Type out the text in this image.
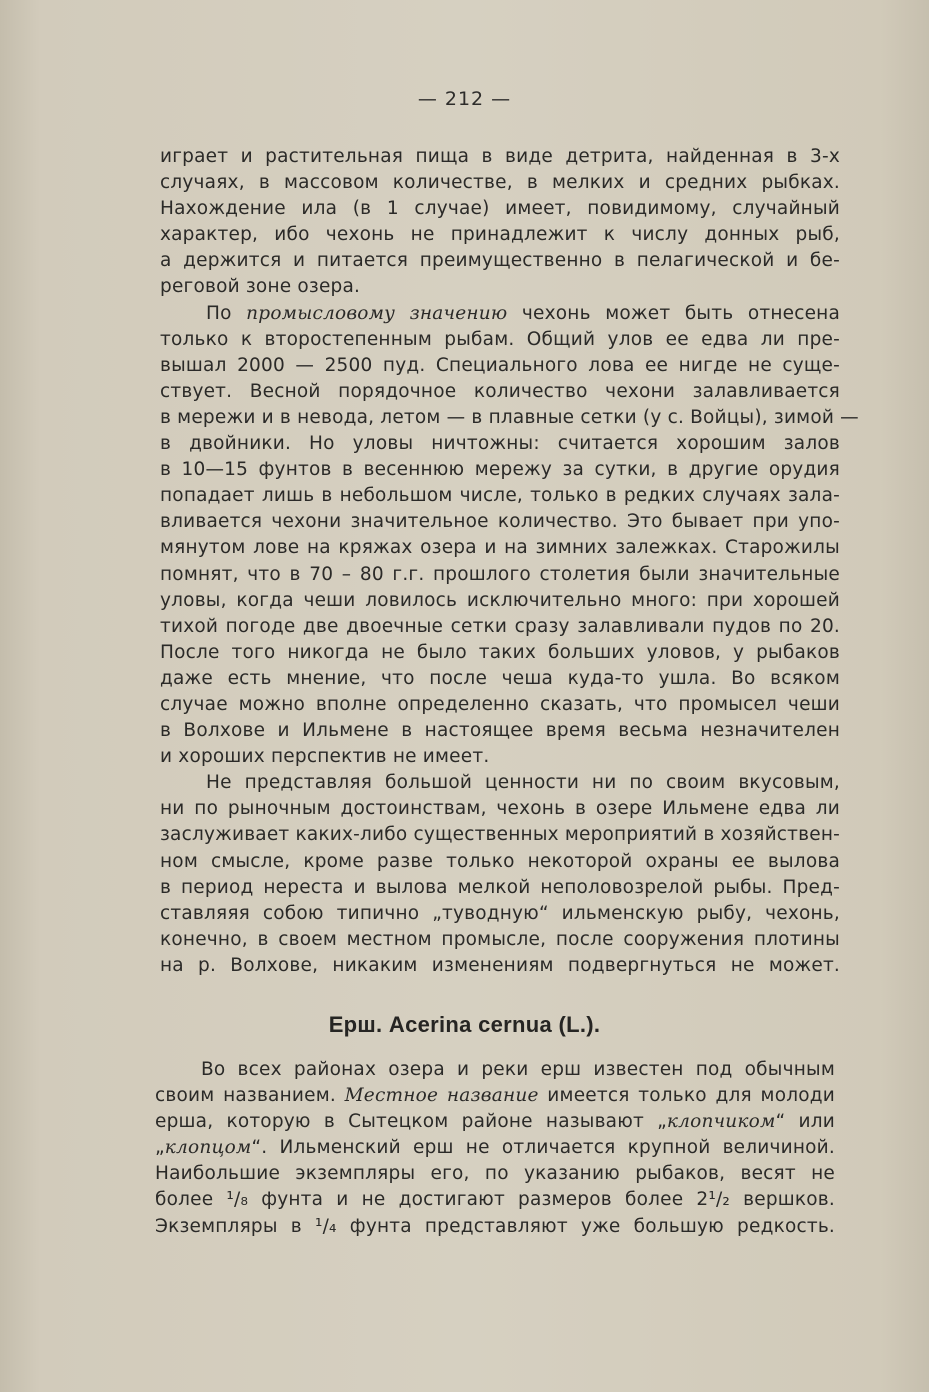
— 212 —

играет и растительная пища в виде детрита, найденная в 3-х
случаях, в массовом количестве, в мелких и средних рыбках.
Нахождение ила (в 1 случае) имеет, повидимому, случайный
характер, ибо чехонь не принадлежит к числу донных рыб,
а держится и питается преимущественно в пелагической и бе-
реговой зоне озера.

По промысловому значению чехонь может быть отнесена
только к второстепенным рыбам. Общий улов ее едва ли пре-
вышал 2000 — 2500 пуд. Специального лова ее нигде не суще-
ствует. Весной порядочное количество чехони залавливается
в мережи и в невода, летом — в плавные сетки (у с. Войцы), зимой —
в двойники. Но уловы ничтожны: считается хорошим залов
в 10—15 фунтов в весеннюю мережу за сутки, в другие орудия
попадает лишь в небольшом числе, только в редких случаях зала-
вливается чехони значительное количество. Это бывает при упо-
мянутом лове на кряжах озера и на зимних залежках. Старожилы
помнят, что в 70 – 80 г.г. прошлого столетия были значительные
уловы, когда чеши ловилось исключительно много: при хорошей
тихой погоде две двоечные сетки сразу залавливали пудов по 20.
После того никогда не было таких больших уловов, у рыбаков
даже есть мнение, что после чеша куда-то ушла. Во всяком
случае можно вполне определенно сказать, что промысел чеши
в Волхове и Ильмене в настоящее время весьма незначителен
и хороших перспектив не имеет.

Не представляя большой ценности ни по своим вкусовым,
ни по рыночным достоинствам, чехонь в озере Ильмене едва ли
заслуживает каких-либо существенных мероприятий в хозяйствен-
ном смысле, кроме разве только некоторой охраны ее вылова
в период нереста и вылова мелкой неполовозрелой рыбы. Пред-
ставляяя собою типично „туводную“ ильменскую рыбу, чехонь,
конечно, в своем местном промысле, после сооружения плотины
на р. Волхове, никаким изменениям подвергнуться не может.

Ерш. Acerina cernua (L.).

Во всех районах озера и реки ерш известен под обычным
своим названием. Местное название имеется только для молоди
ерша, которую в Сытецком районе называют „клопчиком“ или
„клопцом“. Ильменский ерш не отличается крупной величиной.
Наибольшие экземпляры его, по указанию рыбаков, весят не
более ¹/₈ фунта и не достигают размеров более 2¹/₂ вершков.
Экземпляры в ¹/₄ фунта представляют уже большую редкость.
